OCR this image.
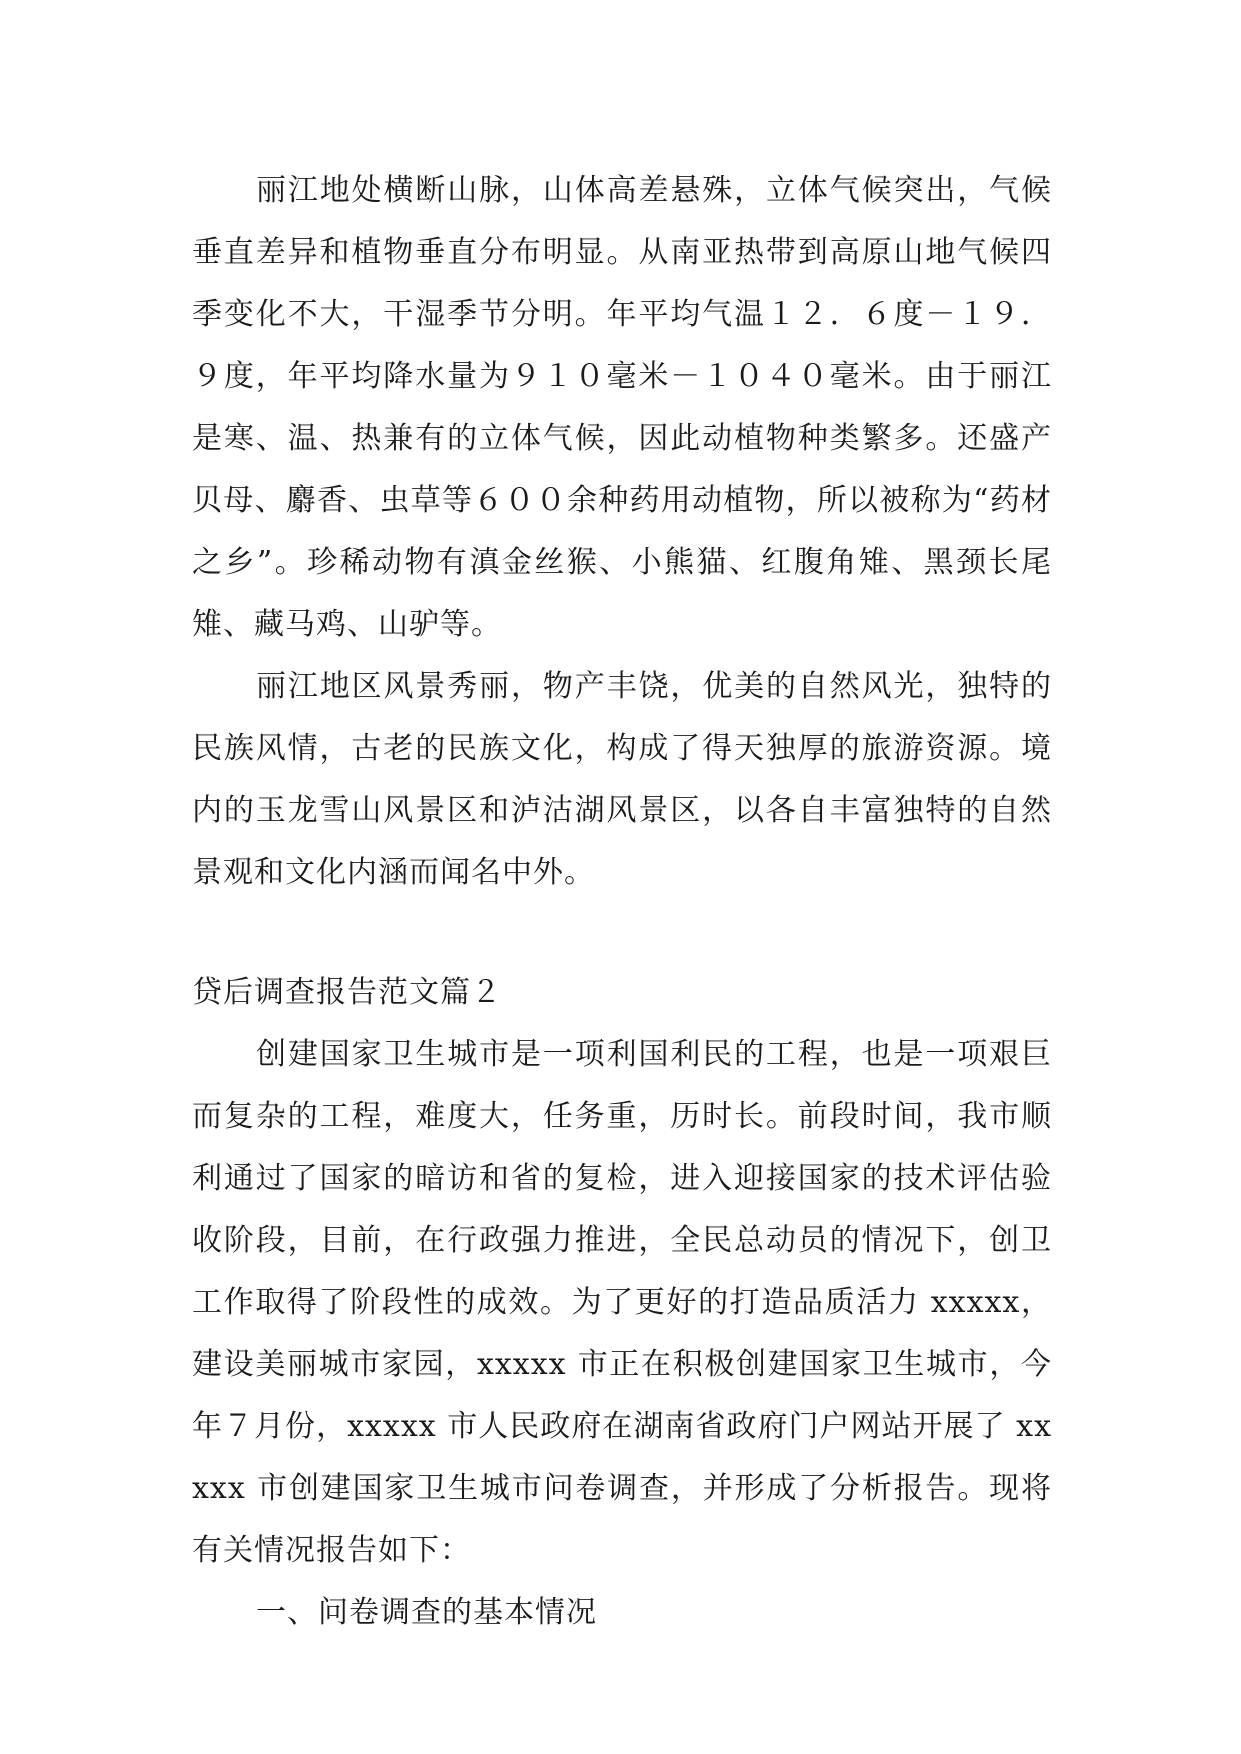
丽江地处横断山脉，山体高差悬殊，立体气候突出，气候垂直差异和植物垂直分布明显。从南亚热带到高原山地气候四季变化不大，干湿季节分明。年平均气温１２．６度－１９．９度，年平均降水量为９１０毫米－１０４０毫米。由于丽江是寒、温、热兼有的立体气候，因此动植物种类繁多。还盛产贝母、麝香、虫草等６００余种药用动植物，所以被称为“药材之乡”。珍稀动物有滇金丝猴、小熊猫、红腹角雉、黑颈长尾雉、藏马鸡、山驴等。

丽江地区风景秀丽，物产丰饶，优美的自然风光，独特的民族风情，古老的民族文化，构成了得天独厚的旅游资源。境内的玉龙雪山风景区和泸沽湖风景区，以各自丰富独特的自然景观和文化内涵而闻名中外。

贷后调查报告范文篇２

创建国家卫生城市是一项利国利民的工程，也是一项艰巨而复杂的工程，难度大，任务重，历时长。前段时间，我市顺利通过了国家的暗访和省的复检，进入迎接国家的技术评估验收阶段，目前，在行政强力推进，全民总动员的情况下，创卫工作取得了阶段性的成效。为了更好的打造品质活力 xxxxx，建设美丽城市家园，xxxxx 市正在积极创建国家卫生城市，今年７月份，xxxxx 市人民政府在湖南省政府门户网站开展了 xxxxx 市创建国家卫生城市问卷调查，并形成了分析报告。现将有关情况报告如下：

一、问卷调查的基本情况
